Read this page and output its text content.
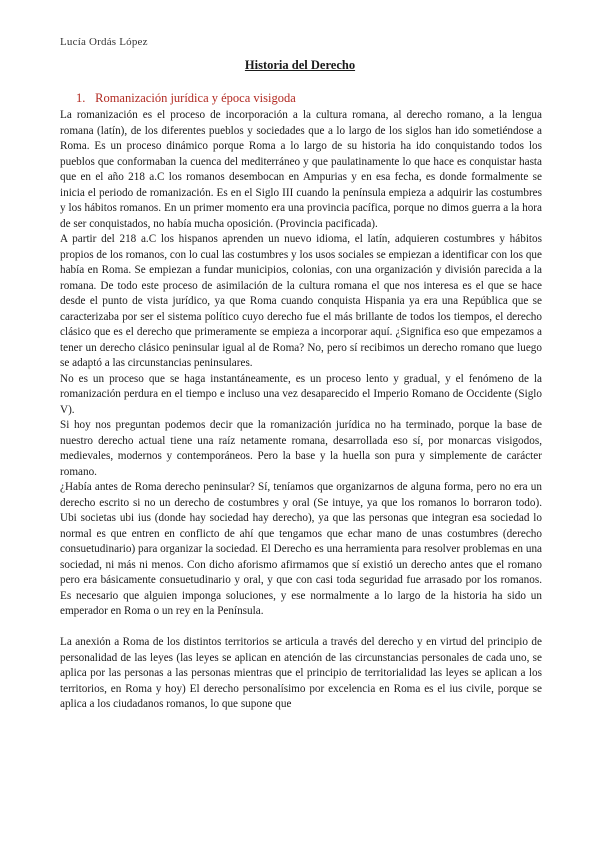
Lucía Ordás López
Historia del Derecho
1. Romanización jurídica y época visigoda

La romanización es el proceso de incorporación a la cultura romana, al derecho romano, a la lengua romana (latín), de los diferentes pueblos y sociedades que a lo largo de los siglos han ido sometiéndose a Roma. Es un proceso dinámico porque Roma a lo largo de su historia ha ido conquistando todos los pueblos que conformaban la cuenca del mediterráneo y que paulatinamente lo que hace es conquistar hasta que en el año 218 a.C los romanos desembocan en Ampurias y en esa fecha, es donde formalmente se inicia el periodo de romanización. Es en el Siglo III cuando la península empieza a adquirir las costumbres y los hábitos romanos. En un primer momento era una provincia pacífica, porque no dimos guerra a la hora de ser conquistados, no había mucha oposición. (Provincia pacificada).

A partir del 218 a.C los hispanos aprenden un nuevo idioma, el latín, adquieren costumbres y hábitos propios de los romanos, con lo cual las costumbres y los usos sociales se empiezan a identificar con los que había en Roma. Se empiezan a fundar municipios, colonias, con una organización y división parecida a la romana. De todo este proceso de asimilación de la cultura romana el que nos interesa es el que se hace desde el punto de vista jurídico, ya que Roma cuando conquista Hispania ya era una República que se caracterizaba por ser el sistema político cuyo derecho fue el más brillante de todos los tiempos, el derecho clásico que es el derecho que primeramente se empieza a incorporar aquí. ¿Significa eso que empezamos a tener un derecho clásico peninsular igual al de Roma? No, pero sí recibimos un derecho romano que luego se adaptó a las circunstancias peninsulares.

No es un proceso que se haga instantáneamente, es un proceso lento y gradual, y el fenómeno de la romanización perdura en el tiempo e incluso una vez desaparecido el Imperio Romano de Occidente (Siglo V).

Si hoy nos preguntan podemos decir que la romanización jurídica no ha terminado, porque la base de nuestro derecho actual tiene una raíz netamente romana, desarrollada eso sí, por monarcas visigodos, medievales, modernos y contemporáneos. Pero la base y la huella son pura y simplemente de carácter romano.

¿Había antes de Roma derecho peninsular? Sí, teníamos que organizarnos de alguna forma, pero no era un derecho escrito si no un derecho de costumbres y oral (Se intuye, ya que los romanos lo borraron todo). Ubi societas ubi ius (donde hay sociedad hay derecho), ya que las personas que integran esa sociedad lo normal es que entren en conflicto de ahí que tengamos que echar mano de unas costumbres (derecho consuetudinario) para organizar la sociedad. El Derecho es una herramienta para resolver problemas en una sociedad, ni más ni menos. Con dicho aforismo afirmamos que sí existió un derecho antes que el romano pero era básicamente consuetudinario y oral, y que con casi toda seguridad fue arrasado por los romanos. Es necesario que alguien imponga soluciones, y ese normalmente a lo largo de la historia ha sido un emperador en Roma o un rey en la Península.

La anexión a Roma de los distintos territorios se articula a través del derecho y en virtud del principio de personalidad de las leyes (las leyes se aplican en atención de las circunstancias personales de cada uno, se aplica por las personas a las personas mientras que el principio de territorialidad las leyes se aplican a los territorios, en Roma y hoy) El derecho personalísimo por excelencia en Roma es el ius civile, porque se aplica a los ciudadanos romanos, lo que supone que
